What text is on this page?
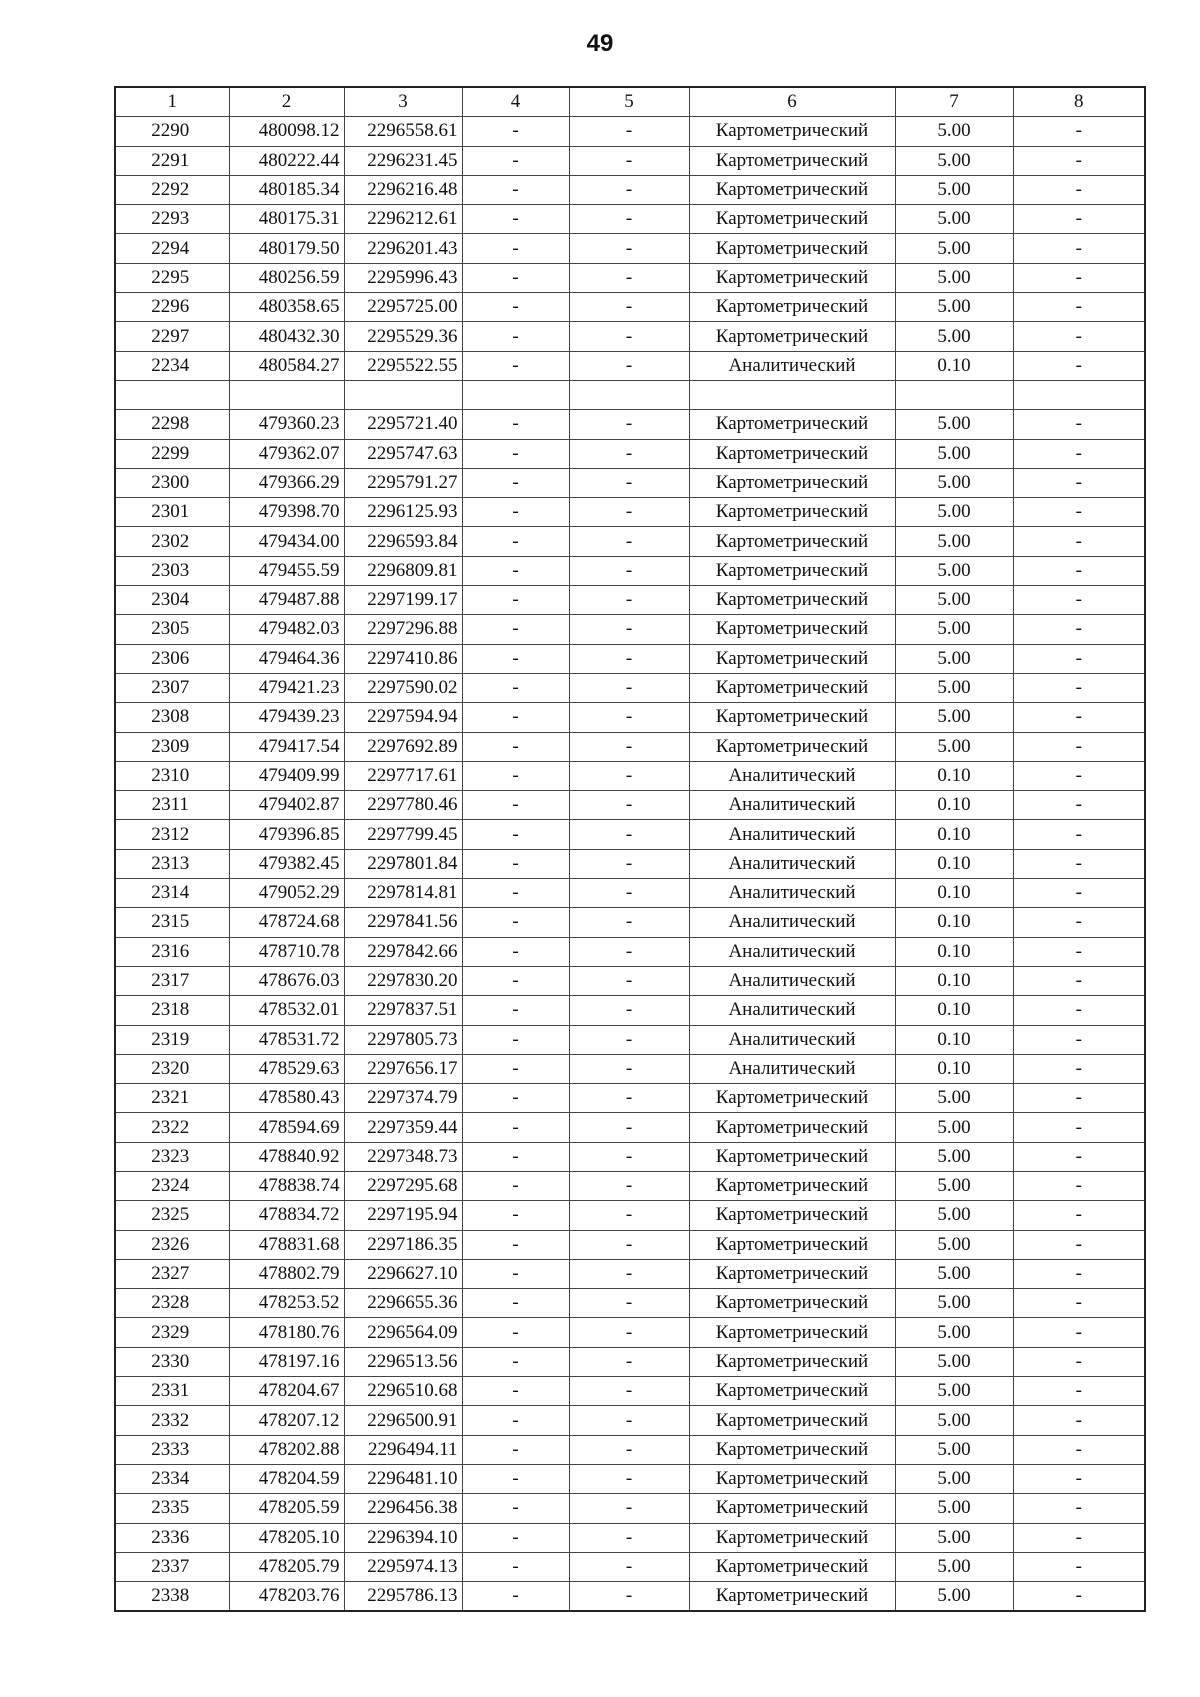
49
1	2	3	4	5	6	7	8
2290	480098.12	2296558.61	-	-	Картометрический	5.00	-
2291	480222.44	2296231.45	-	-	Картометрический	5.00	-
2292	480185.34	2296216.48	-	-	Картометрический	5.00	-
2293	480175.31	2296212.61	-	-	Картометрический	5.00	-
2294	480179.50	2296201.43	-	-	Картометрический	5.00	-
2295	480256.59	2295996.43	-	-	Картометрический	5.00	-
2296	480358.65	2295725.00	-	-	Картометрический	5.00	-
2297	480432.30	2295529.36	-	-	Картометрический	5.00	-
2234	480584.27	2295522.55	-	-	Аналитический	0.10	-

2298	479360.23	2295721.40	-	-	Картометрический	5.00	-
2299	479362.07	2295747.63	-	-	Картометрический	5.00	-
2300	479366.29	2295791.27	-	-	Картометрический	5.00	-
2301	479398.70	2296125.93	-	-	Картометрический	5.00	-
2302	479434.00	2296593.84	-	-	Картометрический	5.00	-
2303	479455.59	2296809.81	-	-	Картометрический	5.00	-
2304	479487.88	2297199.17	-	-	Картометрический	5.00	-
2305	479482.03	2297296.88	-	-	Картометрический	5.00	-
2306	479464.36	2297410.86	-	-	Картометрический	5.00	-
2307	479421.23	2297590.02	-	-	Картометрический	5.00	-
2308	479439.23	2297594.94	-	-	Картометрический	5.00	-
2309	479417.54	2297692.89	-	-	Картометрический	5.00	-
2310	479409.99	2297717.61	-	-	Аналитический	0.10	-
2311	479402.87	2297780.46	-	-	Аналитический	0.10	-
2312	479396.85	2297799.45	-	-	Аналитический	0.10	-
2313	479382.45	2297801.84	-	-	Аналитический	0.10	-
2314	479052.29	2297814.81	-	-	Аналитический	0.10	-
2315	478724.68	2297841.56	-	-	Аналитический	0.10	-
2316	478710.78	2297842.66	-	-	Аналитический	0.10	-
2317	478676.03	2297830.20	-	-	Аналитический	0.10	-
2318	478532.01	2297837.51	-	-	Аналитический	0.10	-
2319	478531.72	2297805.73	-	-	Аналитический	0.10	-
2320	478529.63	2297656.17	-	-	Аналитический	0.10	-
2321	478580.43	2297374.79	-	-	Картометрический	5.00	-
2322	478594.69	2297359.44	-	-	Картометрический	5.00	-
2323	478840.92	2297348.73	-	-	Картометрический	5.00	-
2324	478838.74	2297295.68	-	-	Картометрический	5.00	-
2325	478834.72	2297195.94	-	-	Картометрический	5.00	-
2326	478831.68	2297186.35	-	-	Картометрический	5.00	-
2327	478802.79	2296627.10	-	-	Картометрический	5.00	-
2328	478253.52	2296655.36	-	-	Картометрический	5.00	-
2329	478180.76	2296564.09	-	-	Картометрический	5.00	-
2330	478197.16	2296513.56	-	-	Картометрический	5.00	-
2331	478204.67	2296510.68	-	-	Картометрический	5.00	-
2332	478207.12	2296500.91	-	-	Картометрический	5.00	-
2333	478202.88	2296494.11	-	-	Картометрический	5.00	-
2334	478204.59	2296481.10	-	-	Картометрический	5.00	-
2335	478205.59	2296456.38	-	-	Картометрический	5.00	-
2336	478205.10	2296394.10	-	-	Картометрический	5.00	-
2337	478205.79	2295974.13	-	-	Картометрический	5.00	-
2338	478203.76	2295786.13	-	-	Картометрический	5.00	-
